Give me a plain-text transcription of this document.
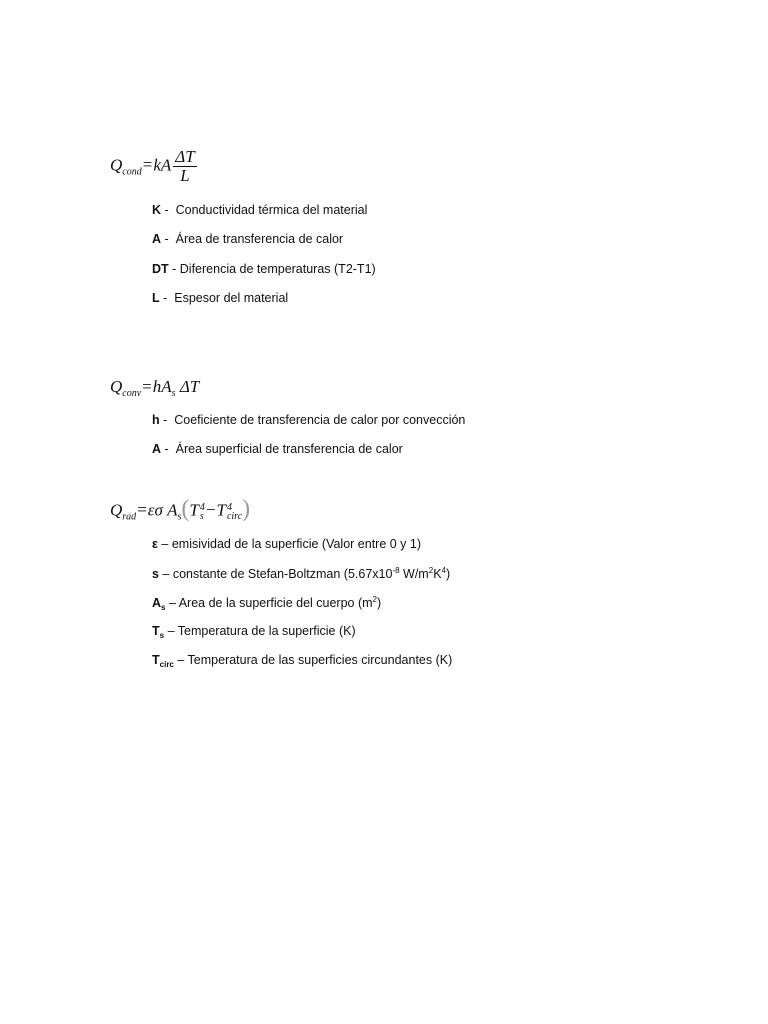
$Q_{cond}=kA \frac{\Delta T}{L}$
K -  Conductividad térmica del material
A -  Área de transferencia de calor
DT - Diferencia de temperaturas (T2-T1)
L -  Espesor del material
$Q_{conv}=hA_s$ ΔT
h -  Coeficiente de transferencia de calor por convección
A -  Área superficial de transferencia de calor
$Q_{rad}=\varepsilon\sigma$ $A_s(T$ 4
s −T 4
circ )
ε – emisividad de la superficie (Valor entre 0 y 1)
s – constante de Stefan-Boltzman ($5.67x10^{-8}$ $W/m^2K^4$)
$A_s$ – Area de la superficie del cuerpo $(m^2)$
$T_s$ – Temperatura de la superficie (K)
$T_{circ}$ – Temperatura de las superficies circundantes (K)
